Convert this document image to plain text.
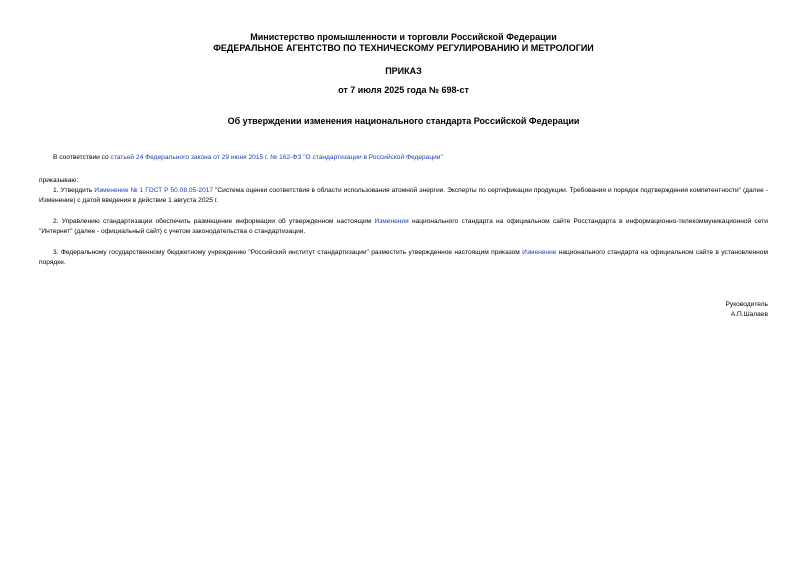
Министерство промышленности и торговли Российской Федерации
ФЕДЕРАЛЬНОЕ АГЕНТСТВО ПО ТЕХНИЧЕСКОМУ РЕГУЛИРОВАНИЮ И МЕТРОЛОГИИ
ПРИКАЗ
от 7 июля 2025 года № 698-ст
Об утверждении изменения национального стандарта Российской Федерации
В соответствии со статьей 24 Федерального закона от 29 июня 2015 г. № 162-ФЗ "О стандартизации в Российской Федерации"
приказываю:
1. Утвердить Изменение № 1 ГОСТ Р 50.08.05-2017 "Система оценки соответствия в области использования атомной энергии. Эксперты по сертификации продукции. Требования и порядок подтверждения компетентности" (далее - Изменение) с датой введения в действие 1 августа 2025 г.
2. Управлению стандартизации обеспечить размещение информации об утвержденном настоящим Изменения национального стандарта на официальном сайте Росстандарта в информационно-телекоммуникационной сети "Интернет" (далее - официальный сайт) с учетом законодательства о стандартизации.
3. Федеральному государственному бюджетному учреждению "Российский институт стандартизации" разместить утвержденное настоящим приказом Изменение национального стандарта на официальном сайте в установленном порядке.
Руководитель
А.П.Шалаев
